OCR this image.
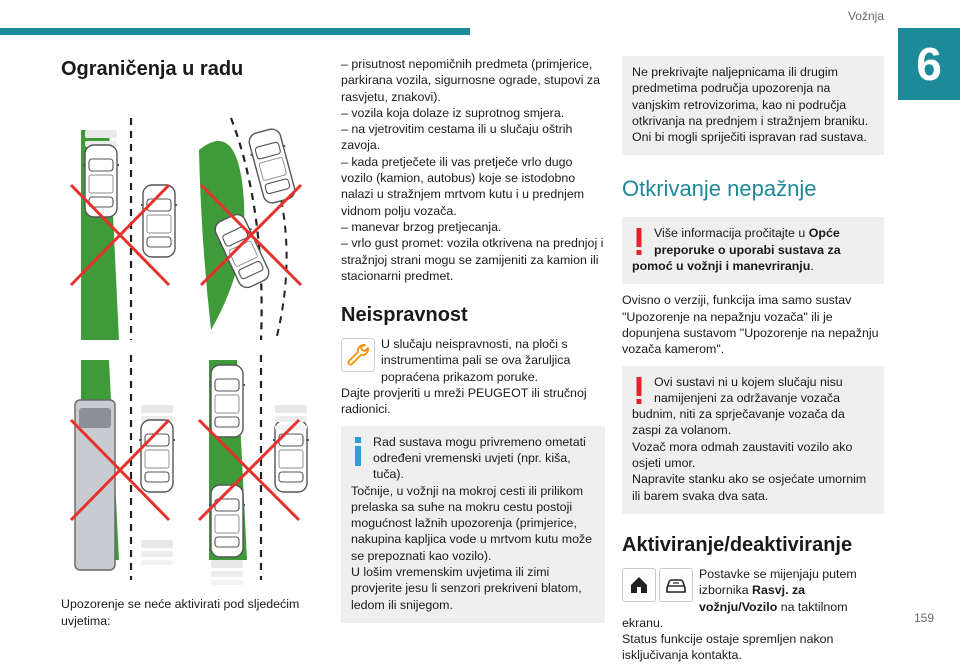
Vožnja
6
Ograničenja u radu

Upozorenje se neće aktivirati pod sljedećim uvjetima:

– prisutnost nepomičnih predmeta (primjerice, parkirana vozila, sigurnosne ograde, stupovi za rasvjetu, znakovi).

– vozila koja dolaze iz suprotnog smjera.

– na vjetrovitim cestama ili u slučaju oštrih zavoja.

– kada pretječete ili vas pretječe vrlo dugo vozilo (kamion, autobus) koje se istodobno nalazi u stražnjem mrtvom kutu i u prednjem vidnom polju vozača.

– manevar brzog pretjecanja.

– vrlo gust promet: vozila otkrivena na prednjoj i stražnjoj strani mogu se zamijeniti za kamion ili stacionarni predmet.

Neispravnost
U slučaju neispravnosti, na ploči s instrumentima pali se ova žaruljica popraćena prikazom poruke.

Dajte provjeriti u mreži PEUGEOT ili stručnoj radionici.

Rad sustava mogu privremeno ometati određeni vremenski uvjeti (npr. kiša, tuča).
Točnije, u vožnji na mokroj cesti ili prilikom prelaska sa suhe na mokru cestu postoji mogućnost lažnih upozorenja (primjerice, nakupina kapljica vode u mrtvom kutu može se prepoznati kao vozilo).
U lošim vremenskim uvjetima ili zimi provjerite jesu li senzori prekriveni blatom, ledom ili snijegom.

Ne prekrivajte naljepnicama ili drugim predmetima područja upozorenja na vanjskim retrovizorima, kao ni područja otkrivanja na prednjem i stražnjem braniku. Oni bi mogli spriječiti ispravan rad sustava.

Otkrivanje nepažnje
Više informacija pročitajte u Opće preporuke o uporabi sustava za pomoć u vožnji i manevriranju.

Ovisno o verziji, funkcija ima samo sustav "Upozorenje na nepažnju vozača" ili je dopunjena sustavom "Upozorenje na nepažnju vozača kamerom".

Ovi sustavi ni u kojem slučaju nisu namijenjeni za održavanje vozača budnim, niti za sprječavanje vozača da zaspi za volanom.
Vozač mora odmah zaustaviti vozilo ako osjeti umor.
Napravite stanku ako se osjećate umornim ili barem svaka dva sata.
Aktiviranje/deaktiviranje
Postavke se mijenjaju putem izbornika Rasvj. za vožnju/Vozilo na taktilnom ekranu.

Status funkcije ostaje spremljen nakon isključivanja kontakta.

159
